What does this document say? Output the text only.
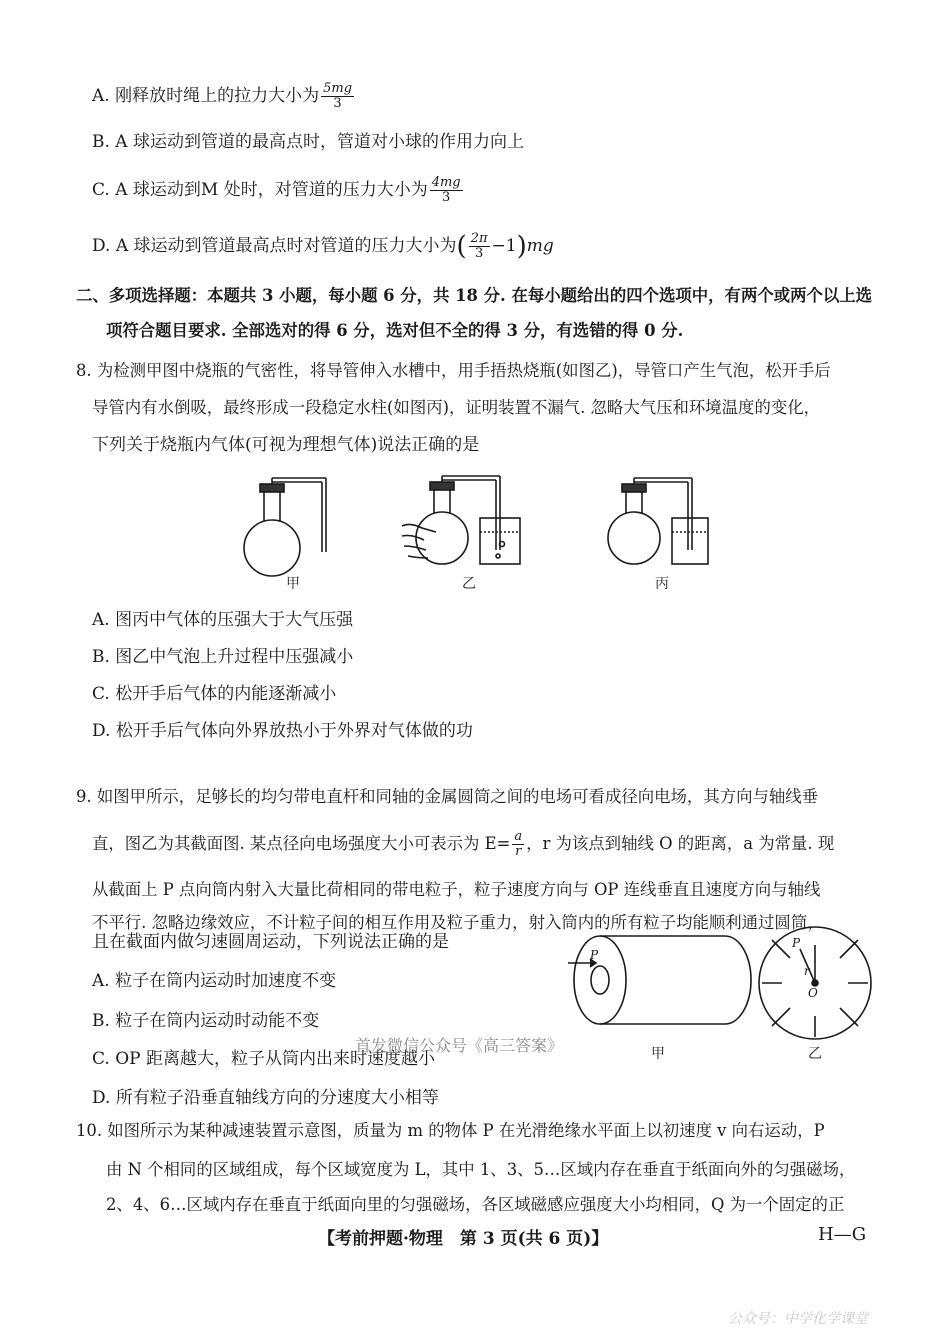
A. 刚释放时绳上的拉力大小为 $\frac{5mg}{3}$
B. A 球运动到管道的最高点时，管道对小球的作用力向上
C. A 球运动到M 处时，对管道的压力大小为 $\frac{4mg}{3}$
D. A 球运动到管道最高点时对管道的压力大小为( $\frac{2\pi}{3} -1)mg$
二、多项选择题：本题共 3 小题，每小题 6 分，共 18 分. 在每小题给出的四个选项中，有两个或两个以上选
项符合题目要求. 全部选对的得 6 分，选对但不全的得 3 分，有选错的得 0 分.
8. 为检测甲图中烧瓶的气密性，将导管伸入水槽中，用手捂热烧瓶(如图乙)，导管口产生气泡，松开手后
导管内有水倒吸，最终形成一段稳定水柱(如图丙)，证明装置不漏气. 忽略大气压和环境温度的变化，
下列关于烧瓶内气体(可视为理想气体)说法正确的是
甲	乙	丙
A. 图丙中气体的压强大于大气压强
B. 图乙中气泡上升过程中压强减小
C. 松开手后气体的内能逐渐减小
D. 松开手后气体向外界放热小于外界对气体做的功
9. 如图甲所示，足够长的均匀带电直杆和同轴的金属圆筒之间的电场可看成径向电场，其方向与轴线垂
直，图乙为其截面图. 某点径向电场强度大小可表示为 $E= \frac{a}{r}$ ，r 为该点到轴线 O 的距离，a 为常量. 现
从截面上 P 点向筒内射入大量比荷相同的带电粒子，粒子速度方向与 OP 连线垂直且速度方向与轴线
不平行. 忽略边缘效应，不计粒子间的相互作用及粒子重力，射入筒内的所有粒子均能顺利通过圆筒，
且在截面内做匀速圆周运动，下列说法正确的是
A. 粒子在筒内运动时加速度不变
B. 粒子在筒内运动时动能不变
C. OP 距离越大，粒子从筒内出来时速度越小
D. 所有粒子沿垂直轴线方向的分速度大小相等
P
P
r
O
甲	乙
首发微信公众号《高三答案》
10. 如图所示为某种减速装置示意图，质量为 m 的物体 P 在光滑绝缘水平面上以初速度 v 向右运动，P
由 N 个相同的区域组成，每个区域宽度为 L，其中 1、3、5…区域内存在垂直于纸面向外的匀强磁场，
2、4、6…区域内存在垂直于纸面向里的匀强磁场，各区域磁感应强度大小均相同，Q 为一个固定的正
【考前押题·物理　第 3 页(共 6 页)】	H—G
公众号：中学化学课堂
